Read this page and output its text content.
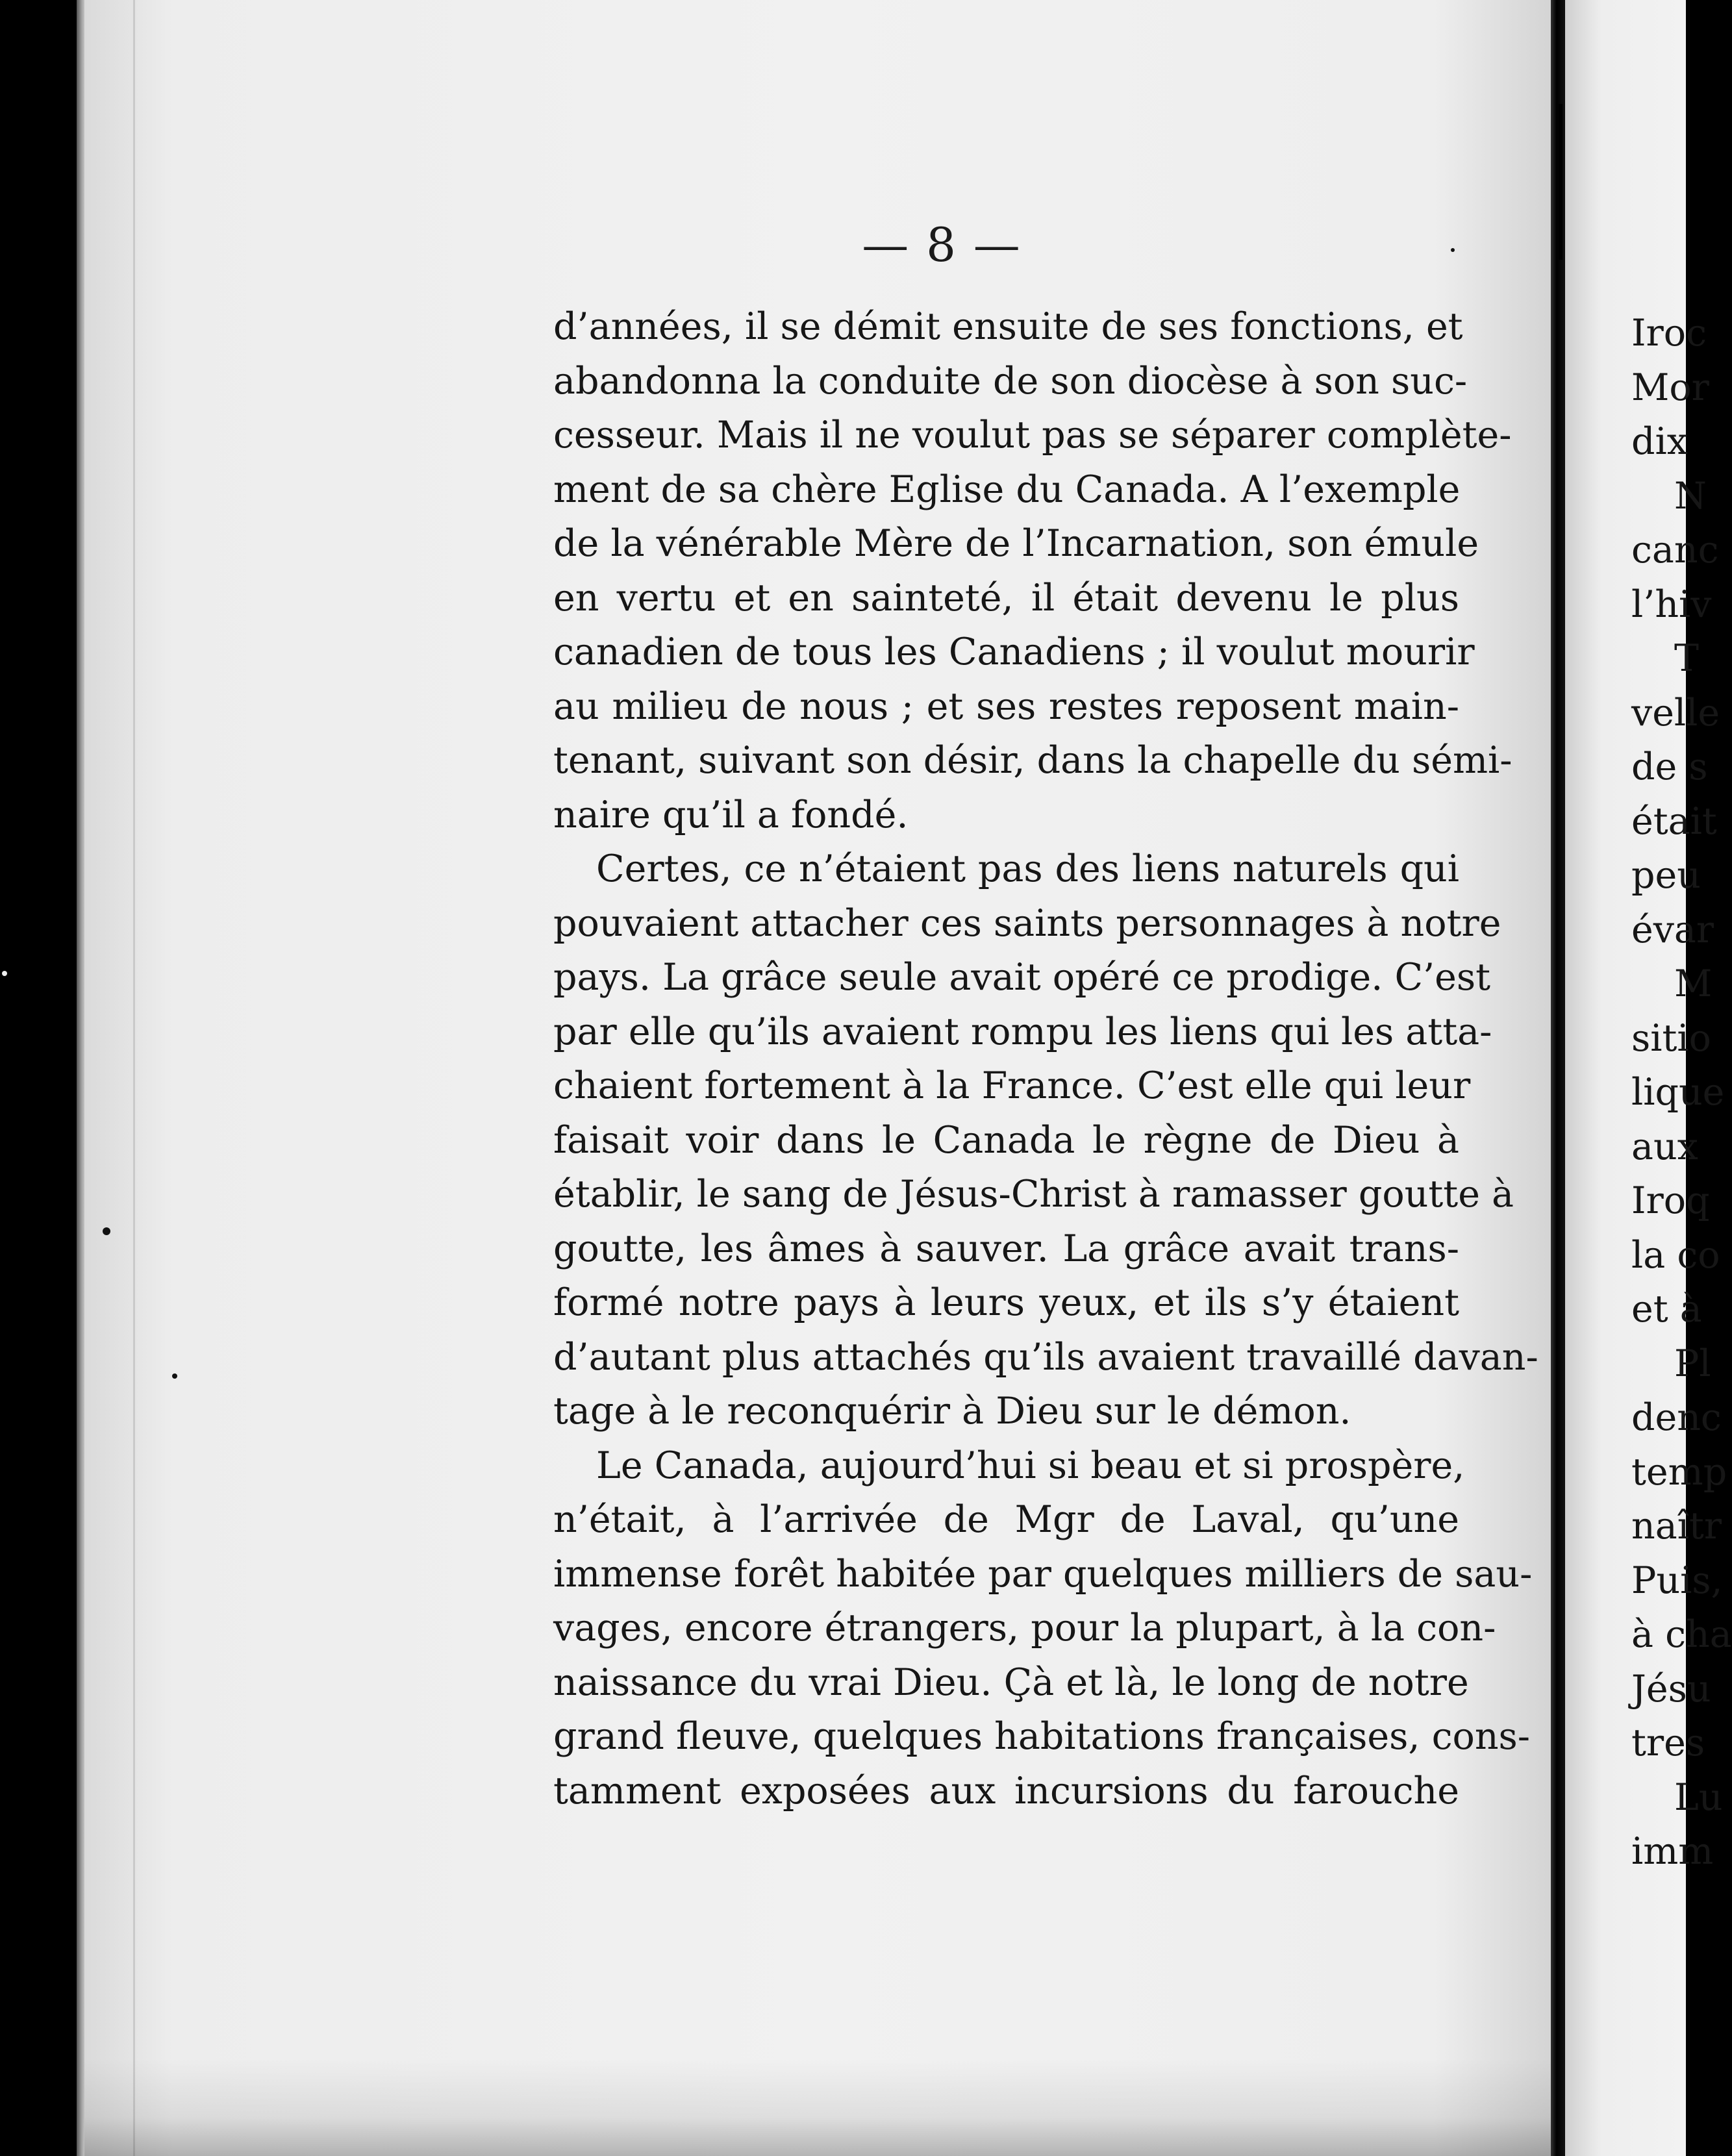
— 8 —
d’années, il se démit ensuite de ses fonctions, et
abandonna la conduite de son diocèse à son suc-
cesseur. Mais il ne voulut pas se séparer complète-
ment de sa chère Eglise du Canada. A l’exemple
de la vénérable Mère de l’Incarnation, son émule
en vertu et en sainteté, il était devenu le plus
canadien de tous les Canadiens ; il voulut mourir
au milieu de nous ; et ses restes reposent main-
tenant, suivant son désir, dans la chapelle du sémi-
naire qu’il a fondé.
Certes, ce n’étaient pas des liens naturels qui
pouvaient attacher ces saints personnages à notre
pays. La grâce seule avait opéré ce prodige. C’est
par elle qu’ils avaient rompu les liens qui les atta-
chaient fortement à la France. C’est elle qui leur
faisait voir dans le Canada le règne de Dieu à
établir, le sang de Jésus-Christ à ramasser goutte à
goutte, les âmes à sauver. La grâce avait trans-
formé notre pays à leurs yeux, et ils s’y étaient
d’autant plus attachés qu’ils avaient travaillé davan-
tage à le reconquérir à Dieu sur le démon.
Le Canada, aujourd’hui si beau et si prospère,
n’était, à l’arrivée de Mgr de Laval, qu’une
immense forêt habitée par quelques milliers de sau-
vages, encore étrangers, pour la plupart, à la con-
naissance du vrai Dieu. Çà et là, le long de notre
grand fleuve, quelques habitations françaises, cons-
tamment exposées aux incursions du farouche
Iroc
Mor
dix
N
canc
l’hiv
T
velle
de s
était
peu
évar
M
sitio
lique
aux
Iroq
la co
et à
Pl
denc
temp
naîtr
Puis,
à cha
Jésu
tres
Lu
imm
